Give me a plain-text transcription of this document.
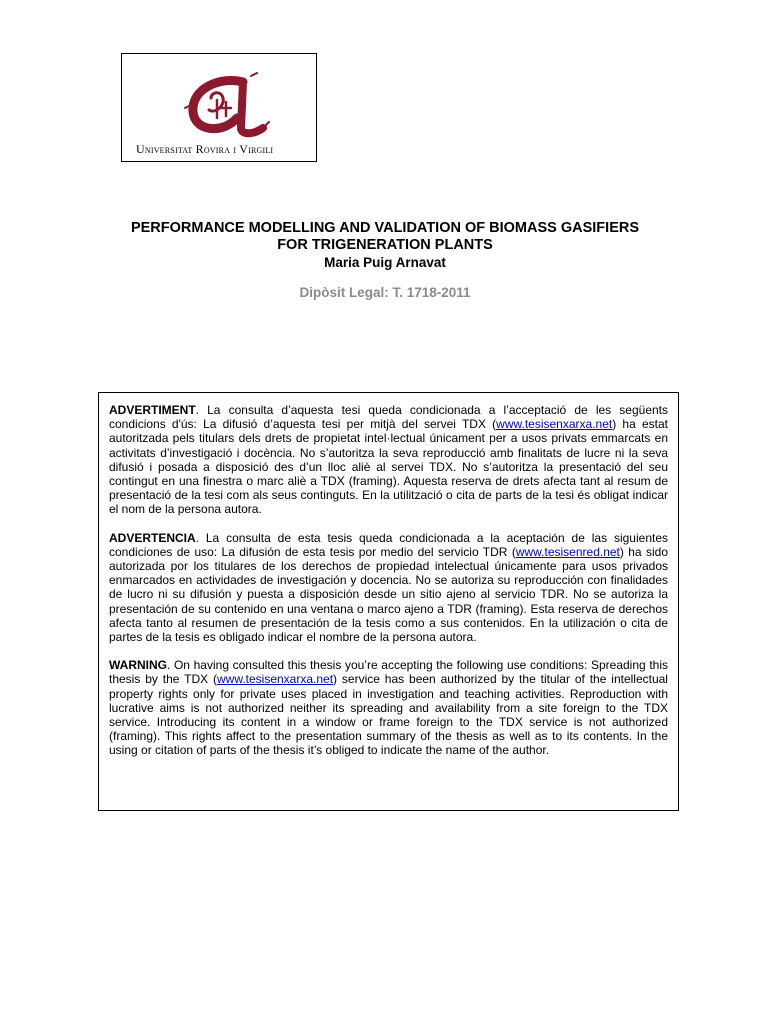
Universitat Rovira i Virgili
PERFORMANCE MODELLING AND VALIDATION OF BIOMASS GASIFIERS
FOR TRIGENERATION PLANTS
Maria Puig Arnavat
Dipòsit Legal: T. 1718-2011

ADVERTIMENT. La consulta d’aquesta tesi queda condicionada a l’acceptació de les següents condicions d'ús: La difusió d’aquesta tesi per mitjà del servei TDX (www.tesisenxarxa.net) ha estat autoritzada pels titulars dels drets de propietat intel·lectual únicament per a usos privats emmarcats en activitats d’investigació i docència. No s’autoritza la seva reproducció amb finalitats de lucre ni la seva difusió i posada a disposició des d’un lloc aliè al servei TDX. No s’autoritza la presentació del seu contingut en una finestra o marc aliè a TDX (framing). Aquesta reserva de drets afecta tant al resum de presentació de la tesi com als seus continguts. En la utilització o cita de parts de la tesi és obligat indicar el nom de la persona autora.

ADVERTENCIA. La consulta de esta tesis queda condicionada a la aceptación de las siguientes condiciones de uso: La difusión de esta tesis por medio del servicio TDR (www.tesisenred.net) ha sido autorizada por los titulares de los derechos de propiedad intelectual únicamente para usos privados enmarcados en actividades de investigación y docencia. No se autoriza su reproducción con finalidades de lucro ni su difusión y puesta a disposición desde un sitio ajeno al servicio TDR. No se autoriza la presentación de su contenido en una ventana o marco ajeno a TDR (framing). Esta reserva de derechos afecta tanto al resumen de presentación de la tesis como a sus contenidos. En la utilización o cita de partes de la tesis es obligado indicar el nombre de la persona autora.

WARNING. On having consulted this thesis you’re accepting the following use conditions: Spreading this thesis by the TDX (www.tesisenxarxa.net) service has been authorized by the titular of the intellectual property rights only for private uses placed in investigation and teaching activities. Reproduction with lucrative aims is not authorized neither its spreading and availability from a site foreign to the TDX service. Introducing its content in a window or frame foreign to the TDX service is not authorized (framing). This rights affect to the presentation summary of the thesis as well as to its contents. In the using or citation of parts of the thesis it’s obliged to indicate the name of the author.
